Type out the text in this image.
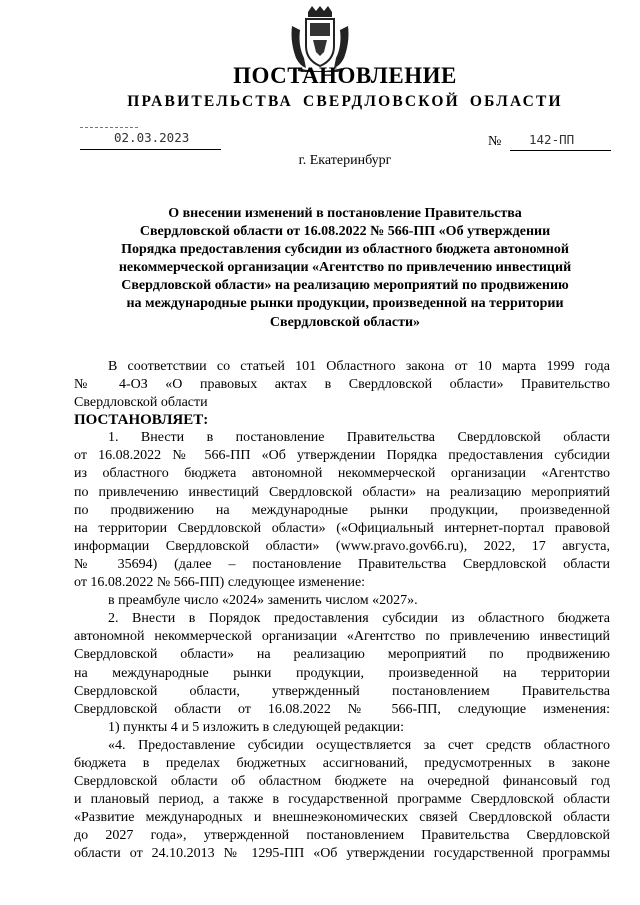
ПОСТАНОВЛЕНИЕ
ПРАВИТЕЛЬСТВА СВЕРДЛОВСКОЙ ОБЛАСТИ
02.03.2023	№ 142-ПП
г. Екатеринбург
О внесении изменений в постановление Правительства
Свердловской области от 16.08.2022 № 566-ПП «Об утверждении
Порядка предоставления субсидии из областного бюджета автономной
некоммерческой организации «Агентство по привлечению инвестиций
Свердловской области» на реализацию мероприятий по продвижению
на международные рынки продукции, произведенной на территории
Свердловской области»
В соответствии со статьей 101 Областного закона от 10 марта 1999 года
№ 4-ОЗ «О правовых актах в Свердловской области» Правительство
Свердловской области
ПОСТАНОВЛЯЕТ:
1. Внести в постановление Правительства Свердловской области
от 16.08.2022 № 566-ПП «Об утверждении Порядка предоставления субсидии
из областного бюджета автономной некоммерческой организации «Агентство
по привлечению инвестиций Свердловской области» на реализацию мероприятий
по продвижению на международные рынки продукции, произведенной
на территории Свердловской области» («Официальный интернет-портал правовой
информации Свердловской области» (www.pravo.gov66.ru), 2022, 17 августа,
№ 35694) (далее – постановление Правительства Свердловской области
от 16.08.2022 № 566-ПП) следующее изменение:
в преамбуле число «2024» заменить числом «2027».
2. Внести в Порядок предоставления субсидии из областного бюджета
автономной некоммерческой организации «Агентство по привлечению инвестиций
Свердловской области» на реализацию мероприятий по продвижению
на международные рынки продукции, произведенной на территории
Свердловской области, утвержденный постановлением Правительства
Свердловской области от 16.08.2022 № 566-ПП, следующие изменения:
1) пункты 4 и 5 изложить в следующей редакции:
«4. Предоставление субсидии осуществляется за счет средств областного
бюджета в пределах бюджетных ассигнований, предусмотренных в законе
Свердловской области об областном бюджете на очередной финансовый год
и плановый период, а также в государственной программе Свердловской области
«Развитие международных и внешнеэкономических связей Свердловской области
до 2027 года», утвержденной постановлением Правительства Свердловской
области от 24.10.2013 № 1295-ПП «Об утверждении государственной программы
